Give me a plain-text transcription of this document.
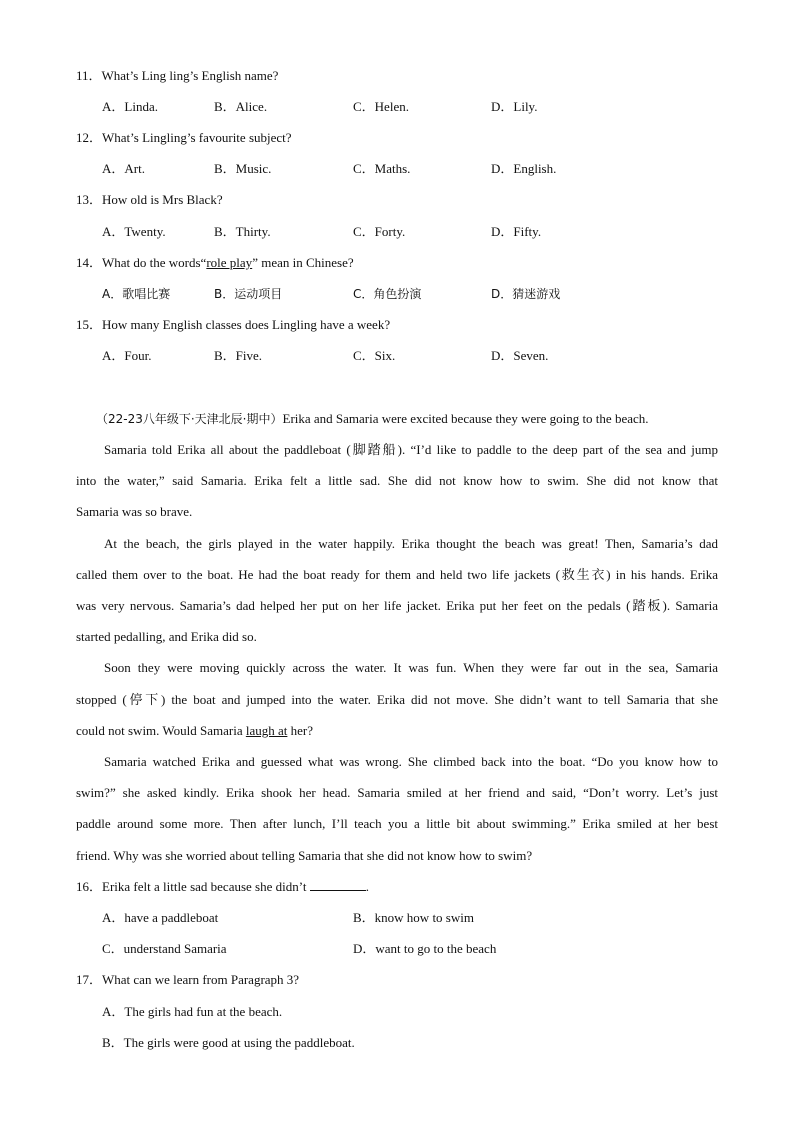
11．What’s Ling ling’s English name?
A．Linda.	B．Alice.	C．Helen.	D．Lily.
12．What’s Lingling’s favourite subject?
A．Art.	B．Music.	C．Maths.	D．English.
13．How old is Mrs Black?
A．Twenty.	B．Thirty.	C．Forty.	D．Fifty.
14．What do the words“role play” mean in Chinese?
A．歌唱比赛	B．运动项目	C．角色扮演	D．猜迷游戏
15．How many English classes does Lingling have a week?
A．Four.	B．Five.	C．Six.	D．Seven.
（22-23八年级下·天津北辰·期中）Erika and Samaria were excited because they were going to the beach.
Samaria told Erika all about the paddleboat (脚踏船). “I’d like to paddle to the deep part of the sea and jump
into the water,” said Samaria. Erika felt a little sad. She did not know how to swim. She did not know that
Samaria was so brave.
At the beach, the girls played in the water happily. Erika thought the beach was great! Then, Samaria’s dad
called them over to the boat. He had the boat ready for them and held two life jackets (救生衣) in his hands. Erika
was very nervous. Samaria’s dad helped her put on her life jacket. Erika put her feet on the pedals (踏板). Samaria
started pedalling, and Erika did so.
Soon they were moving quickly across the water. It was fun. When they were far out in the sea, Samaria
stopped (停下) the boat and jumped into the water. Erika did not move. She didn’t want to tell Samaria that she
could not swim. Would Samaria laugh at her?
Samaria watched Erika and guessed what was wrong. She climbed back into the boat. “Do you know how to
swim?” she asked kindly. Erika shook her head. Samaria smiled at her friend and said, “Don’t worry. Let’s just
paddle around some more. Then after lunch, I’ll teach you a little bit about swimming.” Erika smiled at her best
friend. Why was she worried about telling Samaria that she did not know how to swim?
16．Erika felt a little sad because she didn’t	.
A．have a paddleboat	B．know how to swim
C．understand Samaria	D．want to go to the beach
17．What can we learn from Paragraph 3?
A．The girls had fun at the beach.
B．The girls were good at using the paddleboat.
